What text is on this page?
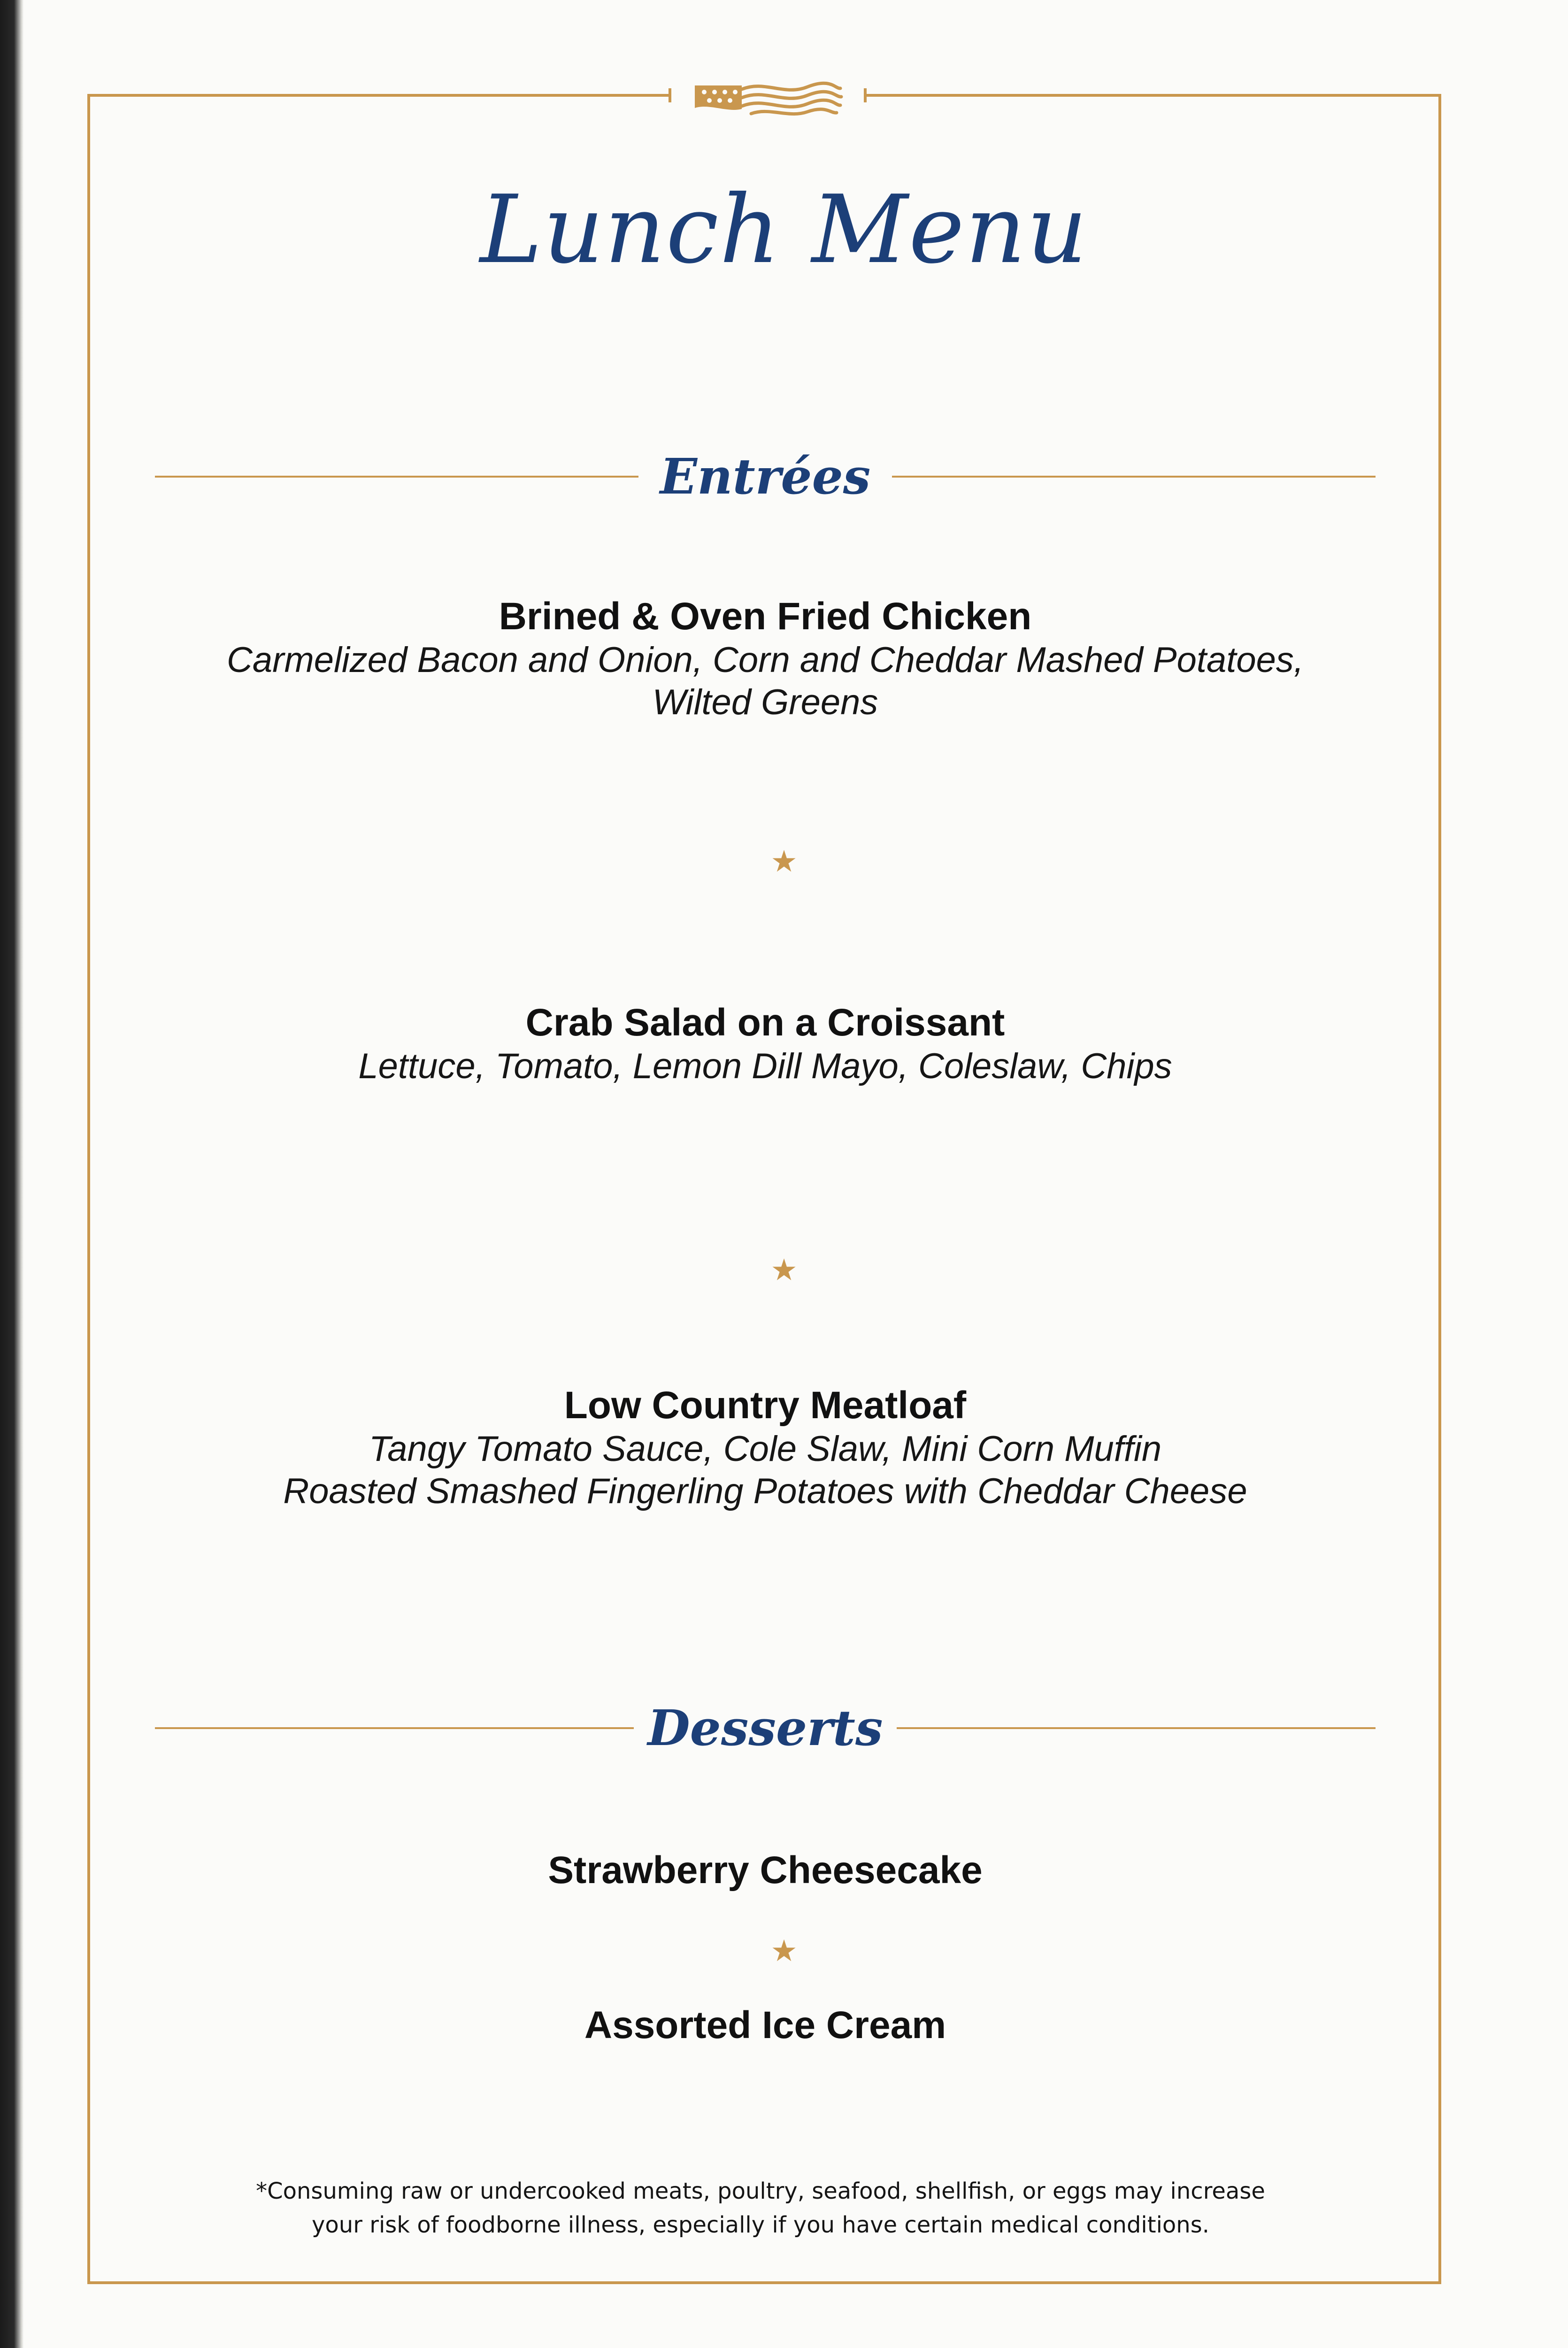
Lunch Menu
Entrées
Brined & Oven Fried Chicken
Carmelized Bacon and Onion, Corn and Cheddar Mashed Potatoes,
Wilted Greens
★
Crab Salad on a Croissant
Lettuce, Tomato, Lemon Dill Mayo, Coleslaw, Chips
★
Low Country Meatloaf
Tangy Tomato Sauce, Cole Slaw, Mini Corn Muffin
Roasted Smashed Fingerling Potatoes with Cheddar Cheese
Desserts
Strawberry Cheesecake
★
Assorted Ice Cream
*Consuming raw or undercooked meats, poultry, seafood, shellfish, or eggs may increase
your risk of foodborne illness, especially if you have certain medical conditions.
